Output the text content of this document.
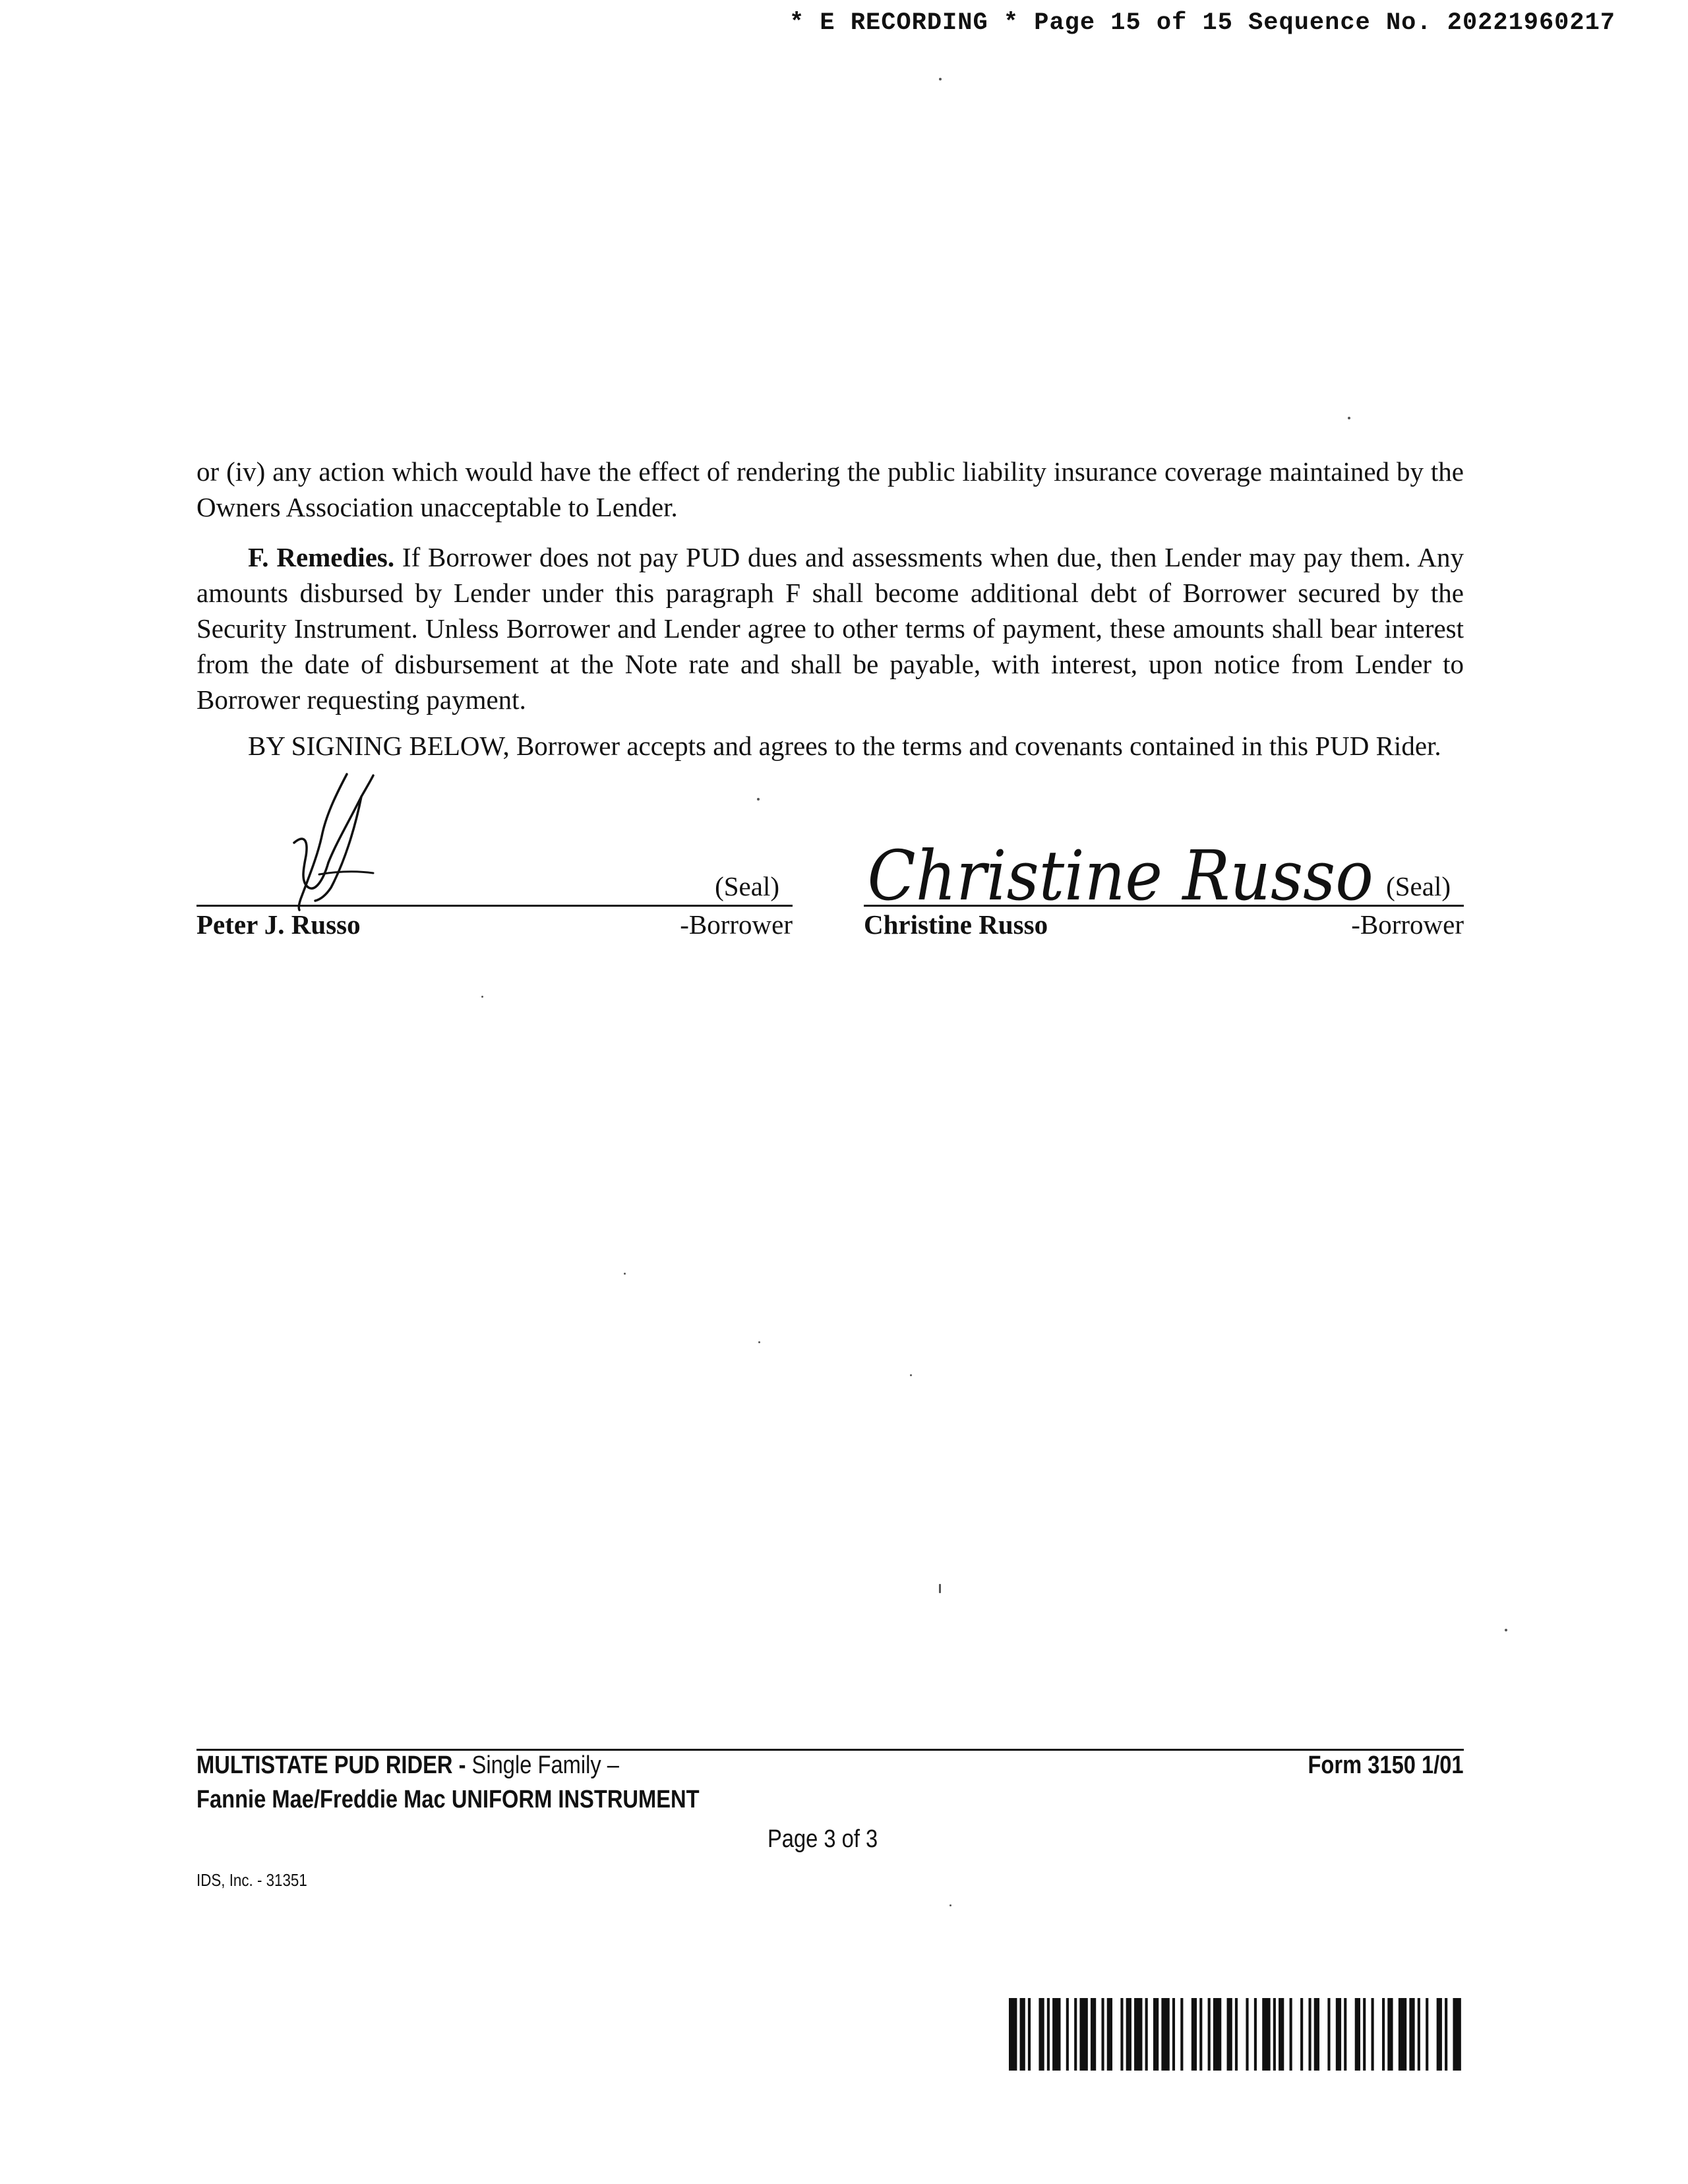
* E RECORDING * Page 15 of 15 Sequence No. 20221960217

or (iv) any action which would have the effect of rendering the public liability insurance coverage maintained by the Owners Association unacceptable to Lender.

F. Remedies. If Borrower does not pay PUD dues and assessments when due, then Lender may pay them. Any amounts disbursed by Lender under this paragraph F shall become additional debt of Borrower secured by the Security Instrument. Unless Borrower and Lender agree to other terms of payment, these amounts shall bear interest from the date of disbursement at the Note rate and shall be payable, with interest, upon notice from Lender to Borrower requesting payment.

BY SIGNING BELOW, Borrower accepts and agrees to the terms and covenants contained in this PUD Rider.

(Seal)
Peter J. Russo	-Borrower
Christine Russo (Seal)
Christine Russo	-Borrower
MULTISTATE PUD RIDER - Single Family –
Fannie Mae/Freddie Mac UNIFORM INSTRUMENT
Form 3150 1/01
Page 3 of 3
IDS, Inc. - 31351
